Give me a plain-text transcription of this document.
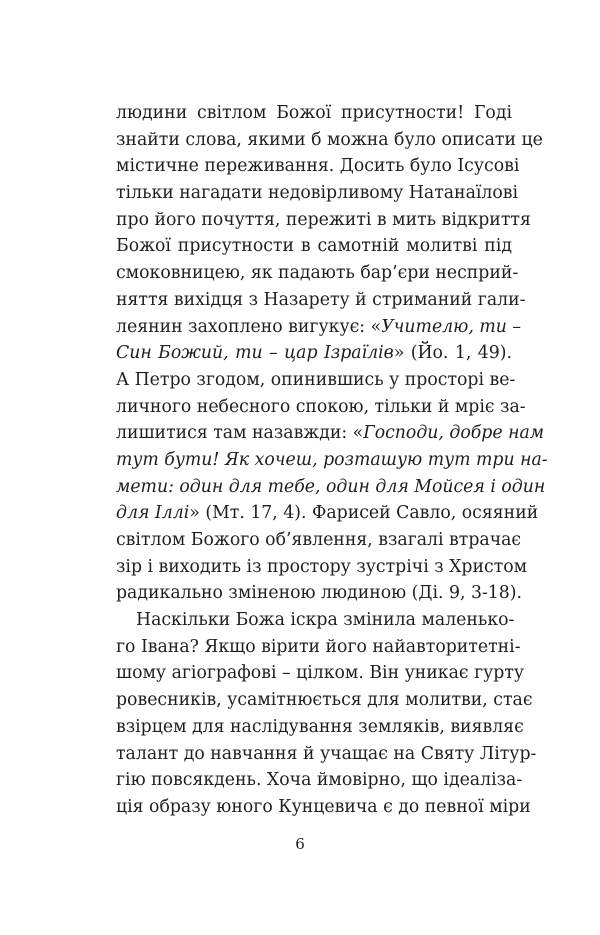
людини світлом Божої присутности! Годі
знайти слова, якими б можна було описати це
містичне переживання. Досить було Ісусові
тільки нагадати недовірливому Натанаїлові
про його почуття, пережиті в мить відкриття
Божої присутности в самотній молитві під
смоковницею, як падають бар’єри несприй-
няття вихідця з Назарету й стриманий гали-
леянин захоплено вигукує: «Учителю, ти –
Син Божий, ти – цар Ізраїлів» (Йо. 1, 49).
А Петро згодом, опинившись у просторі ве-
личного небесного спокою, тільки й мріє за-
лишитися там назавжди: «Господи, добре нам
тут бути! Як хочеш, розташую тут три на-
мети: один для тебе, один для Мойсея і один
для Іллі» (Мт. 17, 4). Фарисей Савло, осяяний
світлом Божого об’явлення, взагалі втрачає
зір і виходить із простору зустрічі з Христом
радикально зміненою людиною (Ді. 9, 3-18).
Наскільки Божа іскра змінила маленько-
го Івана? Якщо вірити його найавторитетні-
шому агіографові – цілком. Він уникає гурту
ровесників, усамітнюється для молитви, стає
взірцем для наслідування земляків, виявляє
талант до навчання й учащає на Святу Літур-
гію повсякдень. Хоча ймовірно, що ідеаліза-
ція образу юного Кунцевича є до певної міри
6
